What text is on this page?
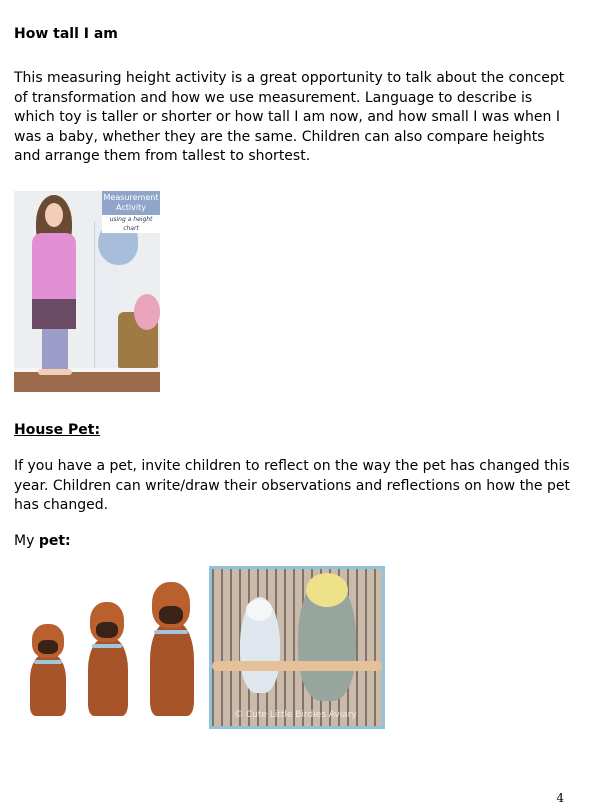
How tall I am
This measuring height activity is a great opportunity to talk about the concept of transformation and how we use measurement. Language to describe is which toy is taller or shorter or how tall I am now, and how small I was when I was a baby, whether they are the same. Children can also compare heights and arrange them from tallest to shortest.
Measurement
Activity
using a height chart
House Pet:
If you have a pet, invite children to reflect on the way the pet has changed this year. Children can write/draw their observations and reflections on how the pet has changed.
My pet:
© Cute Little Birdies Aviary
4
